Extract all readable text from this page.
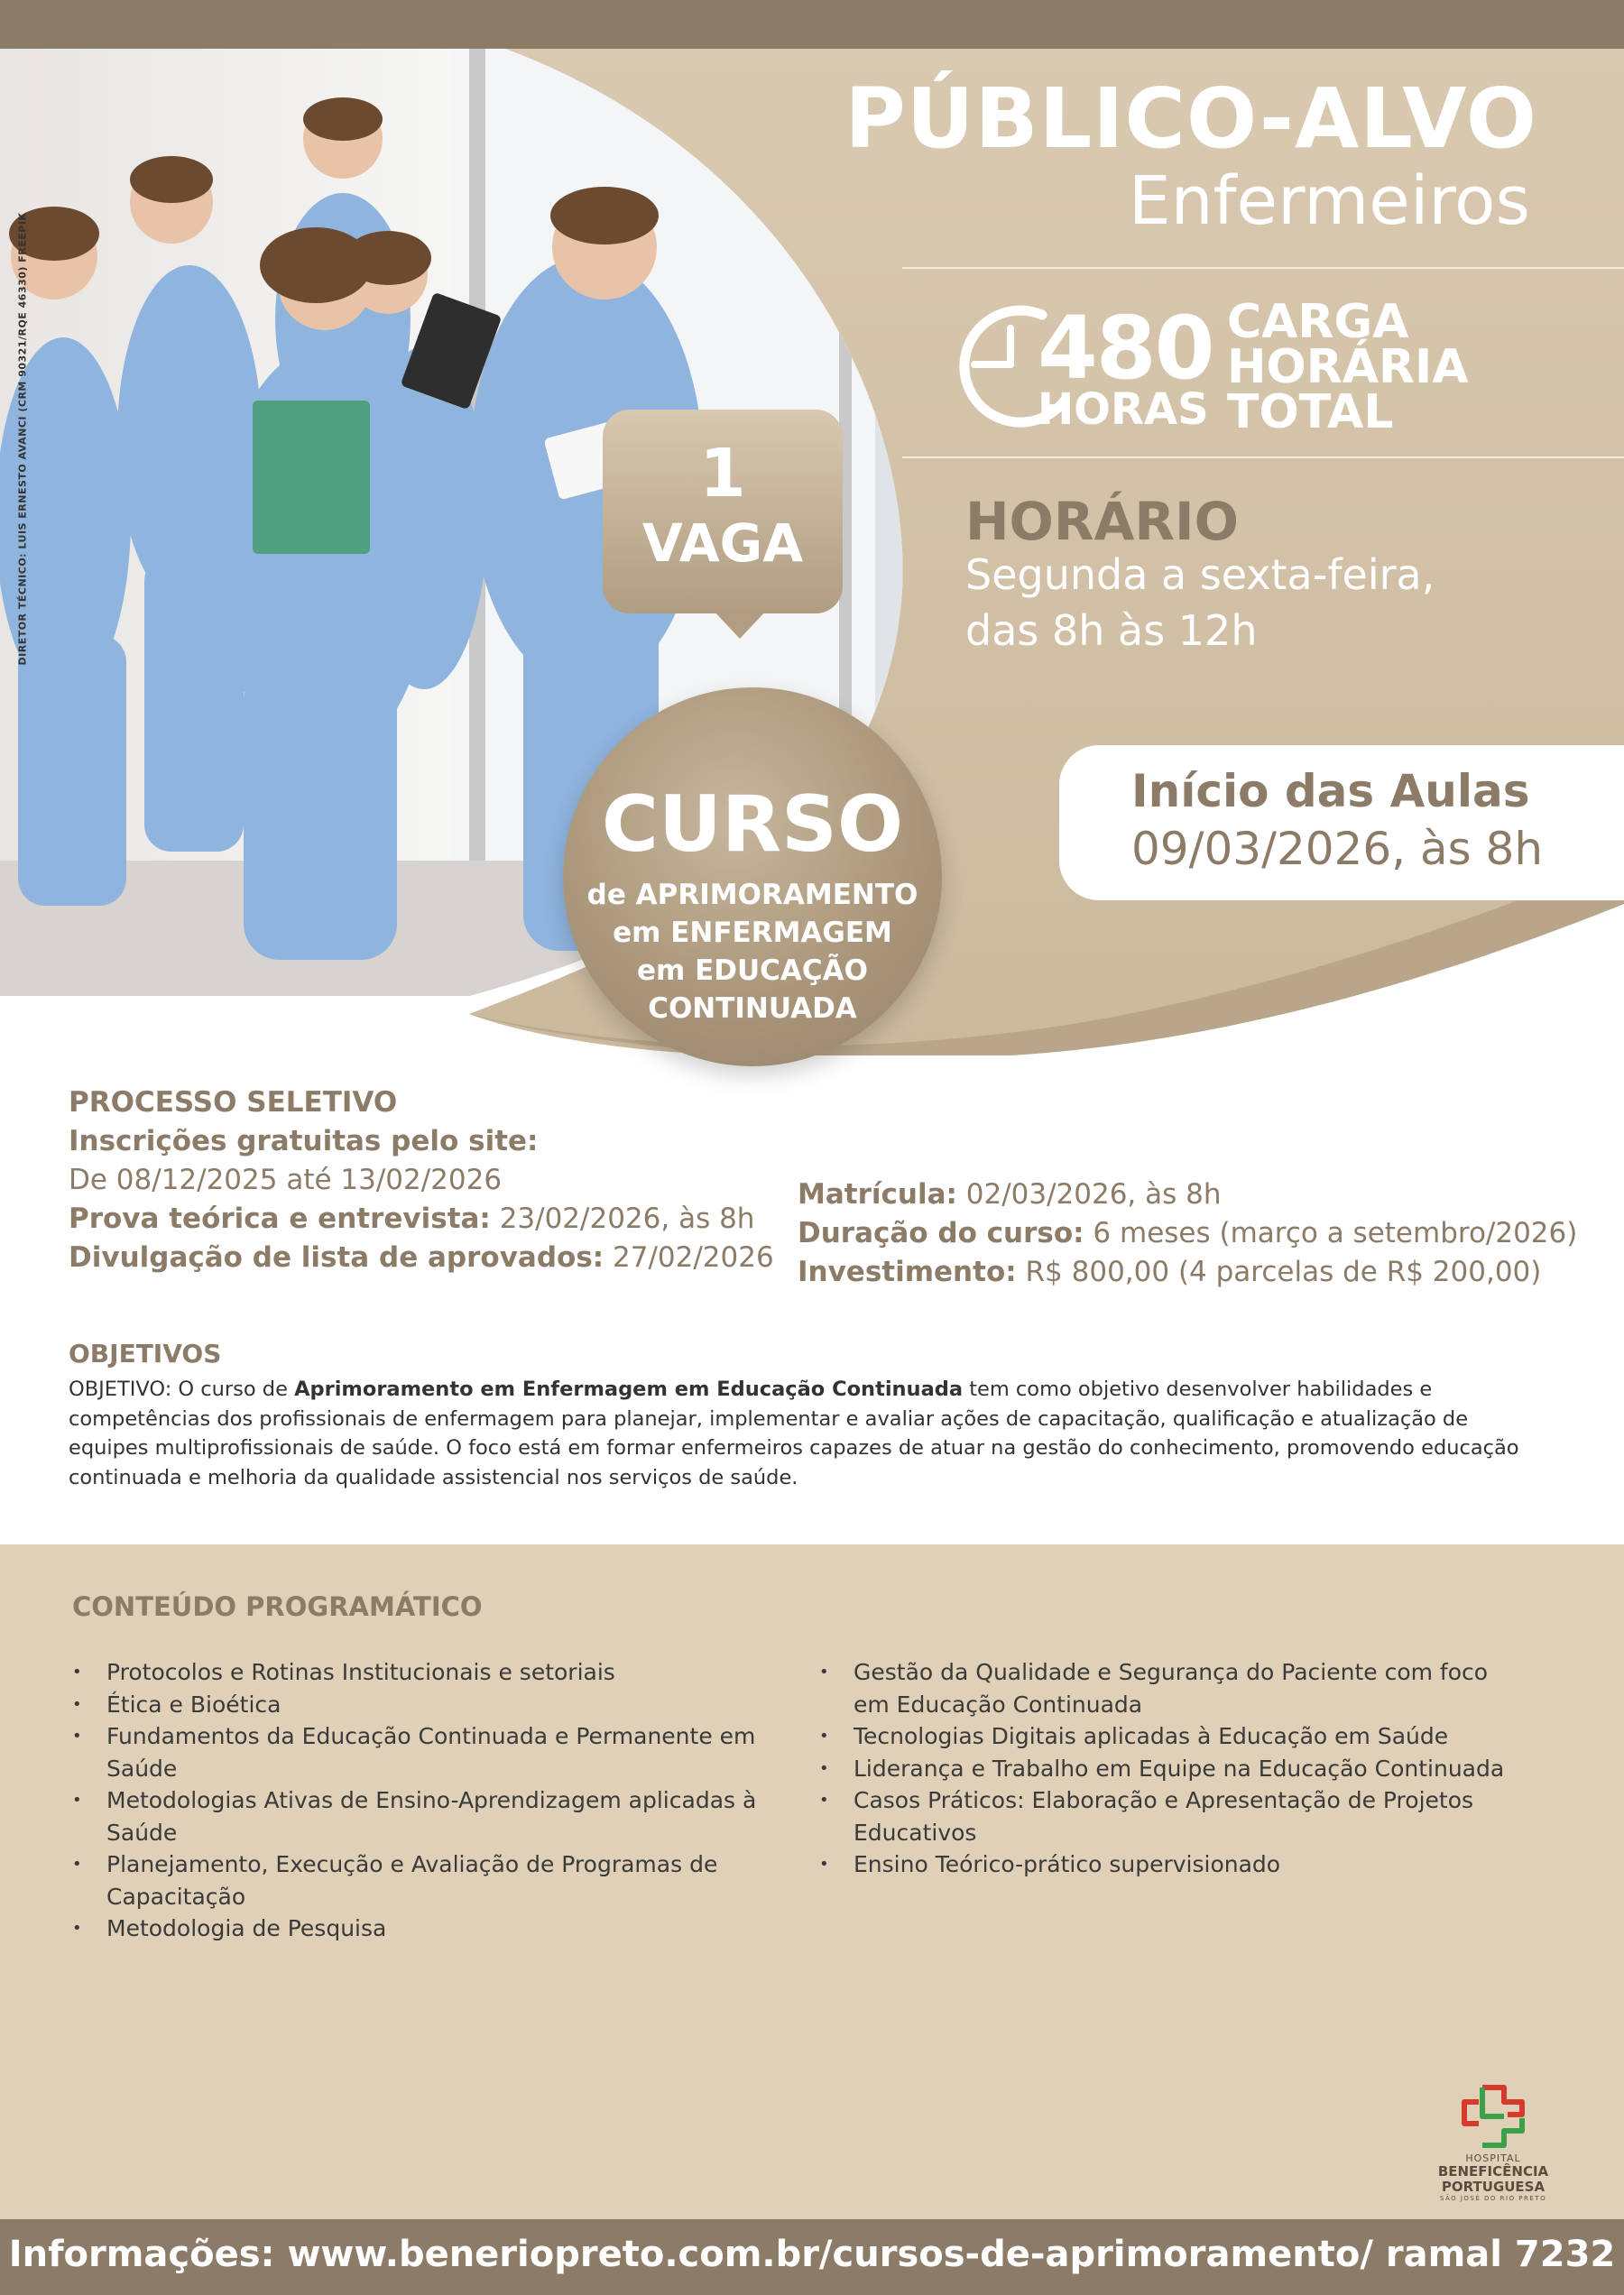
DIRETOR TÉCNICO: LUIS ERNESTO AVANCI (CRM 90321/RQE 46330) FREEPIK
PÚBLICO-ALVO
Enfermeiros
480
HORAS
CARGA
HORÁRIA
TOTAL
HORÁRIO
Segunda a sexta-feira,
das 8h às 12h
Início das Aulas
09/03/2026, às 8h
1
VAGA
CURSO
de APRIMORAMENTO
em ENFERMAGEM
em EDUCAÇÃO
CONTINUADA
PROCESSO SELETIVO
Inscrições gratuitas pelo site:
De 08/12/2025 até 13/02/2026
Prova teórica e entrevista: 23/02/2026, às 8h
Divulgação de lista de aprovados: 27/02/2026
Matrícula: 02/03/2026, às 8h
Duração do curso: 6 meses (março a setembro/2026)
Investimento: R$ 800,00 (4 parcelas de R$ 200,00)
OBJETIVOS
OBJETIVO: O curso de Aprimoramento em Enfermagem em Educação Continuada tem como objetivo desenvolver habilidades e competências dos profissionais de enfermagem para planejar, implementar e avaliar ações de capacitação, qualificação e atualização de equipes multiprofissionais de saúde. O foco está em formar enfermeiros capazes de atuar na gestão do conhecimento, promovendo educação continuada e melhoria da qualidade assistencial nos serviços de saúde.
CONTEÚDO PROGRAMÁTICO
• Protocolos e Rotinas Institucionais e setoriais
• Ética e Bioética
• Fundamentos da Educação Continuada e Permanente em Saúde
• Metodologias Ativas de Ensino-Aprendizagem aplicadas à Saúde
• Planejamento, Execução e Avaliação de Programas de Capacitação
• Metodologia de Pesquisa
• Gestão da Qualidade e Segurança do Paciente com foco em Educação Continuada
• Tecnologias Digitais aplicadas à Educação em Saúde
• Liderança e Trabalho em Equipe na Educação Continuada
• Casos Práticos: Elaboração e Apresentação de Projetos Educativos
• Ensino Teórico-prático supervisionado
HOSPITAL
BENEFICÊNCIA
PORTUGUESA
SÃO JOSÉ DO RIO PRETO
Informações: www.beneriopreto.com.br/cursos-de-aprimoramento/ ramal 7232
